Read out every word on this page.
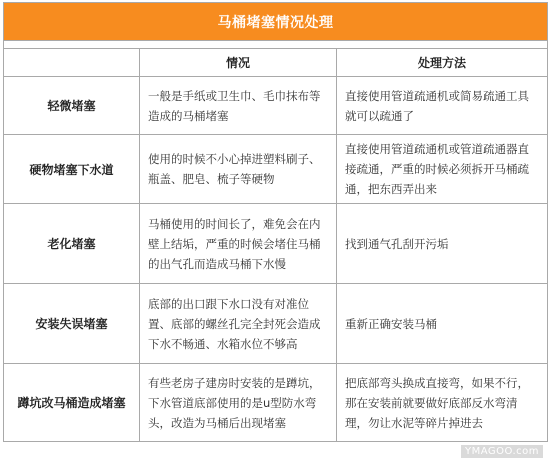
马桶堵塞情况处理		

	情况	处理方法
轻微堵塞	一般是手纸或卫生巾、毛巾抹布等造成的马桶堵塞	直接使用管道疏通机或简易疏通工具就可以疏通了
硬物堵塞下水道	使用的时候不小心掉进塑料刷子、瓶盖、肥皂、梳子等硬物	直接使用管道疏通机或管道疏通器直接疏通，严重的时候必须拆开马桶疏通，把东西弄出来
老化堵塞	马桶使用的时间长了，难免会在内壁上结垢，严重的时候会堵住马桶的出气孔而造成马桶下水慢	找到通气孔刮开污垢
安装失误堵塞	底部的出口跟下水口没有对准位置、底部的螺丝孔完全封死会造成下水不畅通、水箱水位不够高	重新正确安装马桶
蹲坑改马桶造成堵塞	有些老房子建房时安装的是蹲坑，下水管道底部使用的是u型防水弯头，改造为马桶后出现堵塞	把底部弯头换成直接弯，如果不行，那在安装前就要做好底部反水弯清理，勿让水泥等碎片掉进去
YMAGOO.com
